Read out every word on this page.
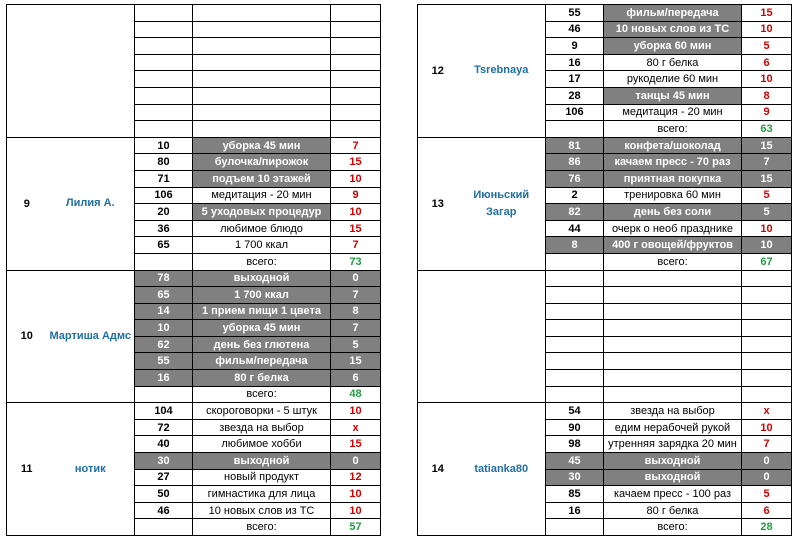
9	Лилия А.	10	уборка 45 мин	7
		80	булочка/пирожок	15
		71	подъем 10 этажей	10
		106	медитация - 20 мин	9
		20	5 уходовых процедур	10
		36	любимое блюдо	15
		65	1 700 ккал	7
			всего:	73
10	Мартиша Адмс	78	выходной	0
		65	1 700 ккал	7
		14	1 прием пищи 1 цвета	8
		10	уборка 45 мин	7
		62	день без глютена	5
		55	фильм/передача	15
		16	80 г белка	6
			всего:	48
11	нотик	104	скороговорки - 5 штук	10
		72	звезда на выбор	x
		40	любимое хобби	15
		30	выходной	0
		27	новый продукт	12
		50	гимнастика для лица	10
		46	10 новых слов из ТС	10
			всего:	57
12	Tsrebnaya	55	фильм/передача	15
		46	10 новых слов из ТС	10
		9	уборка 60 мин	5
		16	80 г белка	6
		17	рукоделие 60 мин	10
		28	танцы 45 мин	8
		106	медитация - 20 мин	9
			всего:	63
13	Июньский Загар	81	конфета/шоколад	15
		86	качаем пресс - 70 раз	7
		76	приятная покупка	15
		2	тренировка 60 мин	5
		82	день без соли	5
		44	очерк о необ празднике	10
		8	400 г овощей/фруктов	10
			всего:	67

14	tatianka80	54	звезда на выбор	x
		90	едим нерабочей рукой	10
		98	утренняя зарядка 20 мин	7
		45	выходной	0
		30	выходной	0
		85	качаем пресс - 100 раз	5
		16	80 г белка	6
			всего:	28
